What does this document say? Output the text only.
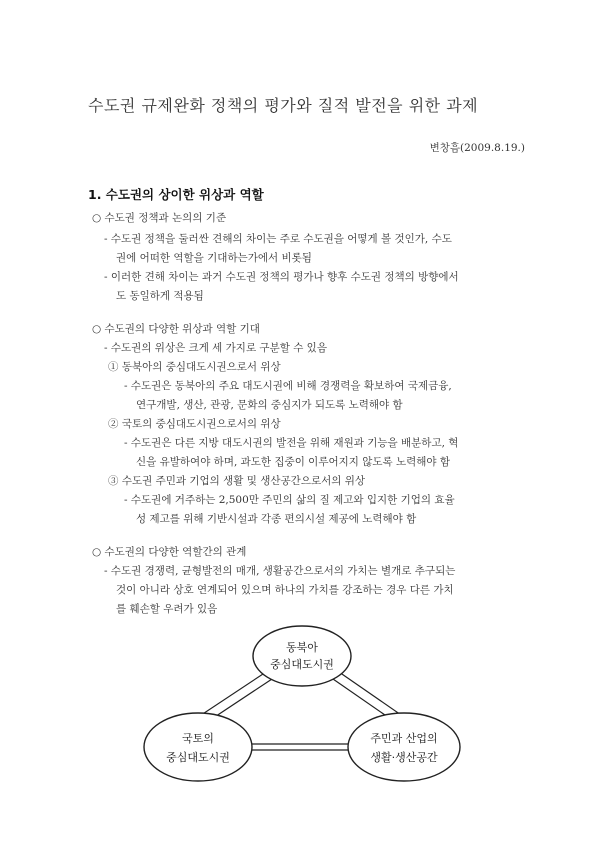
수도권 규제완화 정책의 평가와 질적 발전을 위한 과제
변창흠(2009.8.19.)
1. 수도권의 상이한 위상과 역할
○ 수도권 정책과 논의의 기준
- 수도권 정책을 둘러싼 견해의 차이는 주로 수도권을 어떻게 볼 것인가, 수도
권에 어떠한 역할을 기대하는가에서 비롯됨
- 이러한 견해 차이는 과거 수도권 정책의 평가나 향후 수도권 정책의 방향에서
도 동일하게 적용됨
○ 수도권의 다양한 위상과 역할 기대
- 수도권의 위상은 크게 세 가지로 구분할 수 있음
① 동북아의 중심대도시권으로서 위상
- 수도권은 동북아의 주요 대도시권에 비해 경쟁력을 확보하여 국제금융,
연구개발, 생산, 관광, 문화의 중심지가 되도록 노력해야 함
② 국토의 중심대도시권으로서의 위상
- 수도권은 다른 지방 대도시권의 발전을 위해 재원과 기능을 배분하고, 혁
신을 유발하여야 하며, 과도한 집중이 이루어지지 않도록 노력해야 함
③ 수도권 주민과 기업의 생활 및 생산공간으로서의 위상
- 수도권에 거주하는 2,500만 주민의 삶의 질 제고와 입지한 기업의 효율
성 제고를 위해 기반시설과 각종 편의시설 제공에 노력해야 함
○ 수도권의 다양한 역할간의 관계
- 수도권 경쟁력, 균형발전의 매개, 생활공간으로서의 가치는 별개로 추구되는
것이 아니라 상호 연계되어 있으며 하나의 가치를 강조하는 경우 다른 가치
를 훼손할 우려가 있음
동북아
중심대도시권
국토의
중심대도시권
주민과 산업의
생활·생산공간
